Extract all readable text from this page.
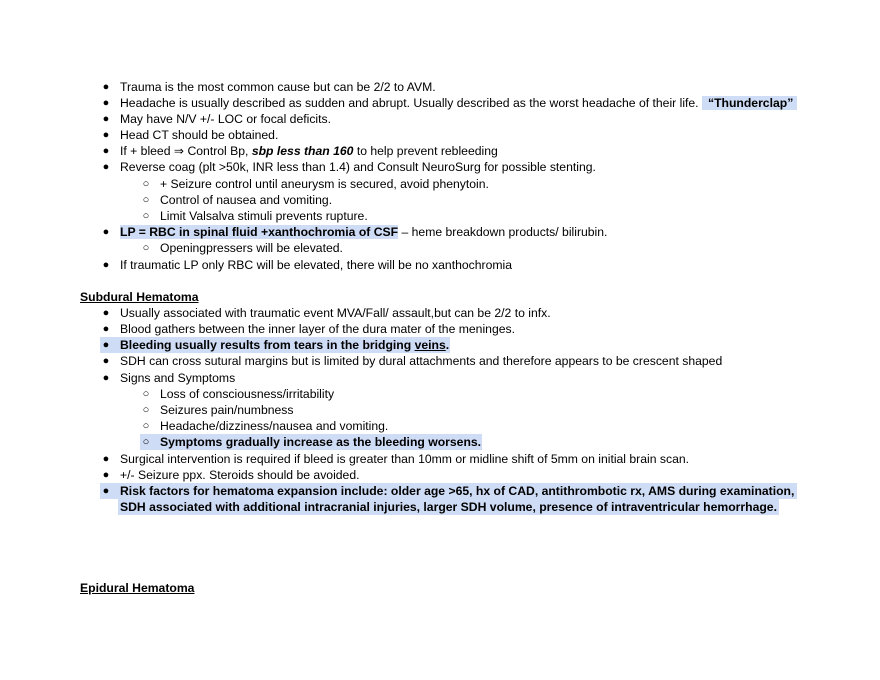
● Trauma is the most common cause but can be 2/2 to AVM.
● Headache is usually described as sudden and abrupt. Usually described as the worst headache of their life. “Thunderclap”
● May have N/V +/- LOC or focal deficits.
● Head CT should be obtained.
● If + bleed ⇒ Control Bp, sbp less than 160 to help prevent rebleeding
● Reverse coag (plt >50k, INR less than 1.4) and Consult NeuroSurg for possible stenting.
○ + Seizure control until aneurysm is secured, avoid phenytoin.
○ Control of nausea and vomiting.
○ Limit Valsalva stimuli prevents rupture.
● LP = RBC in spinal fluid +xanthochromia of CSF – heme breakdown products/ bilirubin.
○ Openingpressers will be elevated.
● If traumatic LP only RBC will be elevated, there will be no xanthochromia
Subdural Hematoma
● Usually associated with traumatic event MVA/Fall/ assault,but can be 2/2 to infx.
● Blood gathers between the inner layer of the dura mater of the meninges.
● Bleeding usually results from tears in the bridging veins.
● SDH can cross sutural margins but is limited by dural attachments and therefore appears to be crescent shaped
● Signs and Symptoms
○ Loss of consciousness/irritability
○ Seizures pain/numbness
○ Headache/dizziness/nausea and vomiting.
○ Symptoms gradually increase as the bleeding worsens.
● Surgical intervention is required if bleed is greater than 10mm or midline shift of 5mm on initial brain scan.
● +/- Seizure ppx. Steroids should be avoided.
● Risk factors for hematoma expansion include: older age >65, hx of CAD, antithrombotic rx, AMS during examination,
SDH associated with additional intracranial injuries, larger SDH volume, presence of intraventricular hemorrhage.
Epidural Hematoma
